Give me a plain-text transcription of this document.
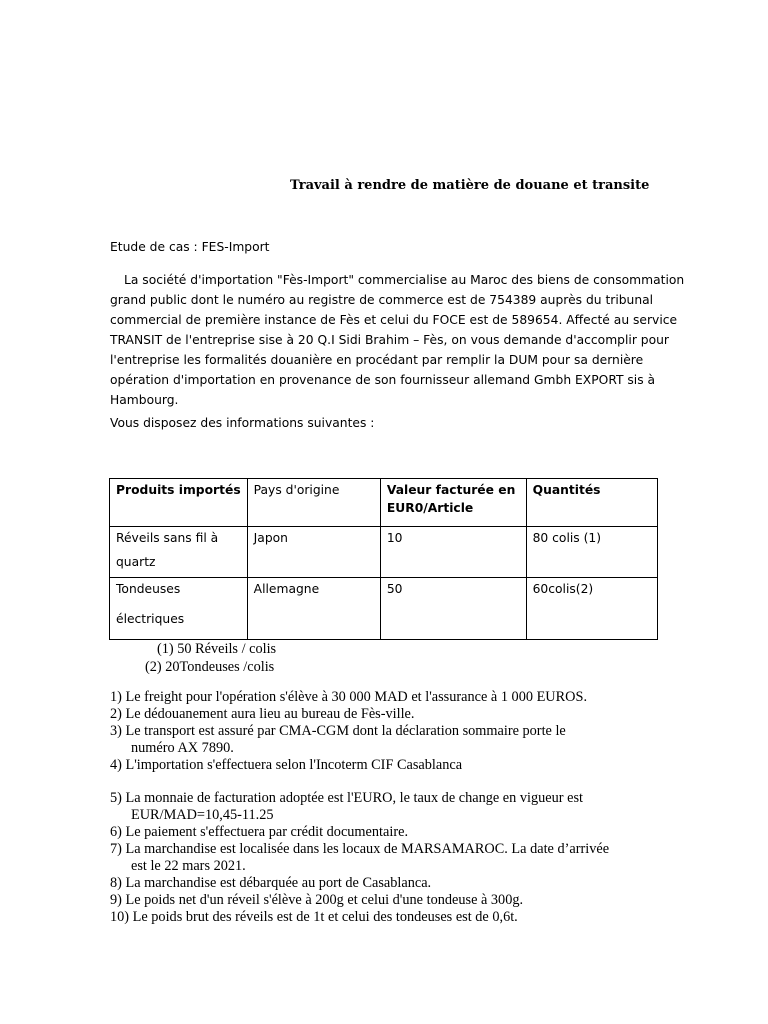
Travail à rendre de matière de douane et transite
Etude de cas : FES-Import
La société d'importation "Fès-Import" commercialise au Maroc des biens de consommation
grand public dont le numéro au registre de commerce est de 754389 auprès du tribunal
commercial de première instance de Fès et celui du FOCE est de 589654. Affecté au service
TRANSIT de l'entreprise sise à 20 Q.I Sidi Brahim – Fès, on vous demande d'accomplir pour
l'entreprise les formalités douanière en procédant par remplir la DUM pour sa dernière
opération d'importation en provenance de son fournisseur allemand Gmbh EXPORT sis à
Hambourg.
Vous disposez des informations suivantes :
Produits importés	Pays d'origine	Valeur facturée en
EUR0/Article	Quantités

Réveils sans fil à
quartz	Japon	10	80 colis (1)

Tondeuses
électriques	Allemagne	50	60colis(2)
(1) 50 Réveils / colis
(2) 20Tondeuses /colis
1) Le freight pour l'opération s'élève à 30 000 MAD et l'assurance à 1 000 EUROS.
2) Le dédouanement aura lieu au bureau de Fès-ville.
3) Le transport est assuré par CMA-CGM dont la déclaration sommaire porte le
numéro AX 7890.
4) L'importation s'effectuera selon l'Incoterm CIF Casablanca
5) La monnaie de facturation adoptée est l'EURO, le taux de change en vigueur est
EUR/MAD=10,45-11.25
6) Le paiement s'effectuera par crédit documentaire.
7) La marchandise est localisée dans les locaux de MARSAMAROC. La date d’arrivée
est le 22 mars 2021.
8) La marchandise est débarquée au port de Casablanca.
9) Le poids net d'un réveil s'élève à 200g et celui d'une tondeuse à 300g.
10) Le poids brut des réveils est de 1t et celui des tondeuses est de 0,6t.
